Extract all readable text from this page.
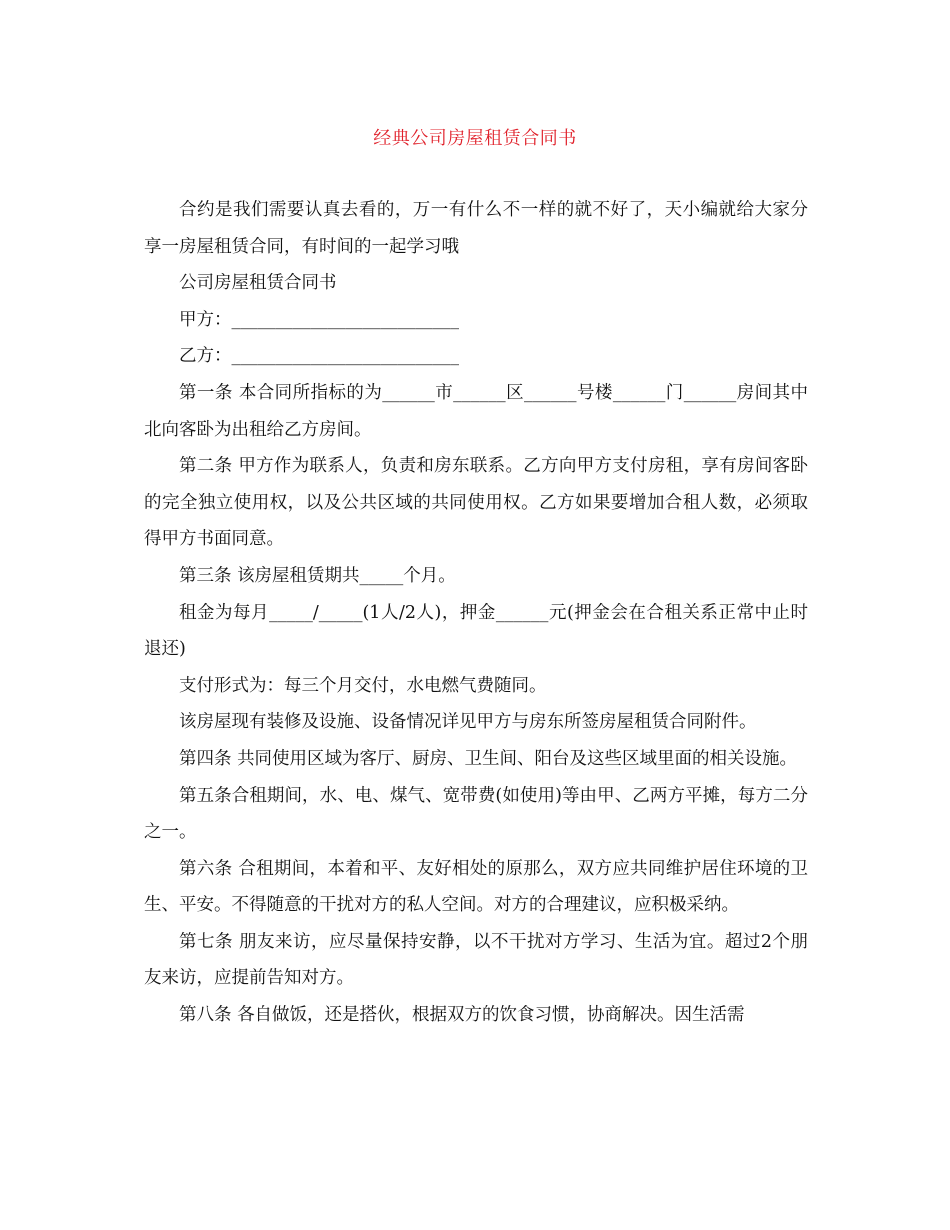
经典公司房屋租赁合同书

合约是我们需要认真去看的，万一有什么不一样的就不好了，天小编就给大家分享一房屋租赁合同，有时间的一起学习哦

公司房屋租赁合同书

甲方：__________________________

乙方：__________________________

第一条 本合同所指标的为______市______区______号楼______门______房间其中北向客卧为出租给乙方房间。

第二条 甲方作为联系人，负责和房东联系。乙方向甲方支付房租，享有房间客卧的完全独立使用权，以及公共区域的共同使用权。乙方如果要增加合租人数，必须取得甲方书面同意。

第三条 该房屋租赁期共_____个月。

租金为每月_____/_____(1人/2人)，押金______元(押金会在合租关系正常中止时退还)

支付形式为：每三个月交付，水电燃气费随同。

该房屋现有装修及设施、设备情况详见甲方与房东所签房屋租赁合同附件。

第四条 共同使用区域为客厅、厨房、卫生间、阳台及这些区域里面的相关设施。

第五条合租期间，水、电、煤气、宽带费(如使用)等由甲、乙两方平摊，每方二分之一。

第六条 合租期间，本着和平、友好相处的原那么，双方应共同维护居住环境的卫生、平安。不得随意的干扰对方的私人空间。对方的合理建议，应积极采纳。

第七条 朋友来访，应尽量保持安静，以不干扰对方学习、生活为宜。超过2个朋友来访，应提前告知对方。

第八条 各自做饭，还是搭伙，根据双方的饮食习惯，协商解决。因生活需
